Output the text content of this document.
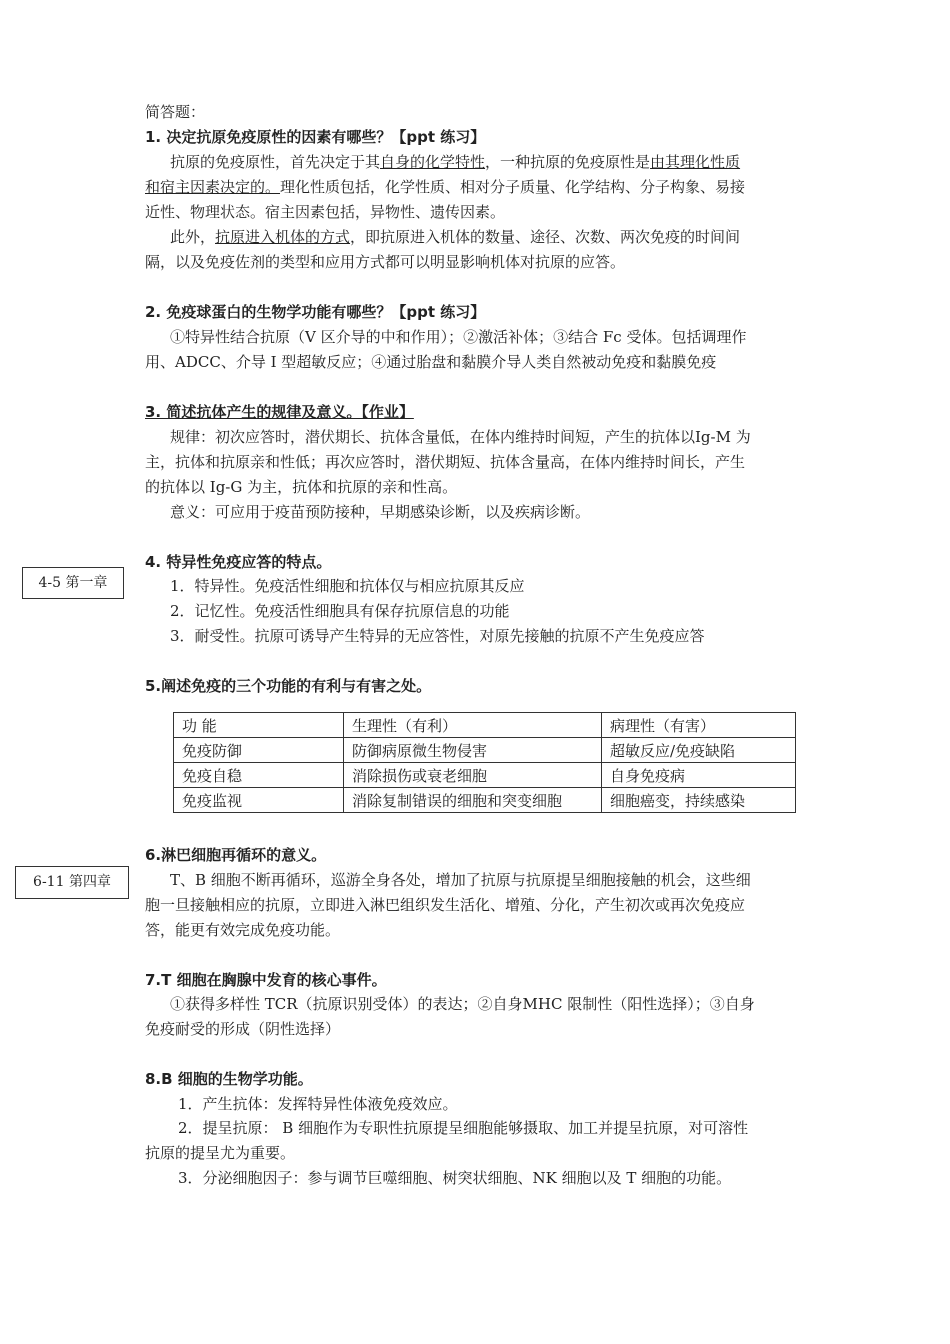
简答题：
1. 决定抗原免疫原性的因素有哪些？【ppt 练习】
抗原的免疫原性，首先决定于其自身的化学特性，一种抗原的免疫原性是由其理化性质
和宿主因素决定的。理化性质包括，化学性质、相对分子质量、化学结构、分子构象、易接
近性、物理状态。宿主因素包括，异物性、遗传因素。
此外，抗原进入机体的方式，即抗原进入机体的数量、途径、次数、两次免疫的时间间
隔，以及免疫佐剂的类型和应用方式都可以明显影响机体对抗原的应答。
2. 免疫球蛋白的生物学功能有哪些？【ppt 练习】
①特异性结合抗原（V 区介导的中和作用）；②激活补体；③结合 Fc 受体。包括调理作
用、ADCC、介导 I 型超敏反应；④通过胎盘和黏膜介导人类自然被动免疫和黏膜免疫
3. 简述抗体产生的规律及意义。【作业】
规律：初次应答时，潜伏期长、抗体含量低，在体内维持时间短，产生的抗体以Ig-M 为
主，抗体和抗原亲和性低；再次应答时，潜伏期短、抗体含量高，在体内维持时间长，产生
的抗体以 Ig-G 为主，抗体和抗原的亲和性高。
意义：可应用于疫苗预防接种，早期感染诊断，以及疾病诊断。
4-5 第一章
4. 特异性免疫应答的特点。
1．特异性。免疫活性细胞和抗体仅与相应抗原其反应
2．记忆性。免疫活性细胞具有保存抗原信息的功能
3．耐受性。抗原可诱导产生特异的无应答性，对原先接触的抗原不产生免疫应答
5.阐述免疫的三个功能的有利与有害之处。
功 能	生理性（有利）	病理性（有害）
免疫防御	防御病原微生物侵害	超敏反应/免疫缺陷
免疫自稳	消除损伤或衰老细胞	自身免疫病
免疫监视	消除复制错误的细胞和突变细胞	细胞癌变，持续感染
6-11 第四章
6.淋巴细胞再循环的意义。
T、B 细胞不断再循环，巡游全身各处，增加了抗原与抗原提呈细胞接触的机会，这些细
胞一旦接触相应的抗原，立即进入淋巴组织发生活化、增殖、分化，产生初次或再次免疫应
答，能更有效完成免疫功能。
7.T 细胞在胸腺中发育的核心事件。
①获得多样性 TCR（抗原识别受体）的表达；②自身MHC 限制性（阳性选择）；③自身
免疫耐受的形成（阴性选择）
8.B 细胞的生物学功能。
1．产生抗体：发挥特异性体液免疫效应。
2．提呈抗原： B 细胞作为专职性抗原提呈细胞能够摄取、加工并提呈抗原，对可溶性
抗原的提呈尤为重要。
3．分泌细胞因子：参与调节巨噬细胞、树突状细胞、NK 细胞以及 T 细胞的功能。
